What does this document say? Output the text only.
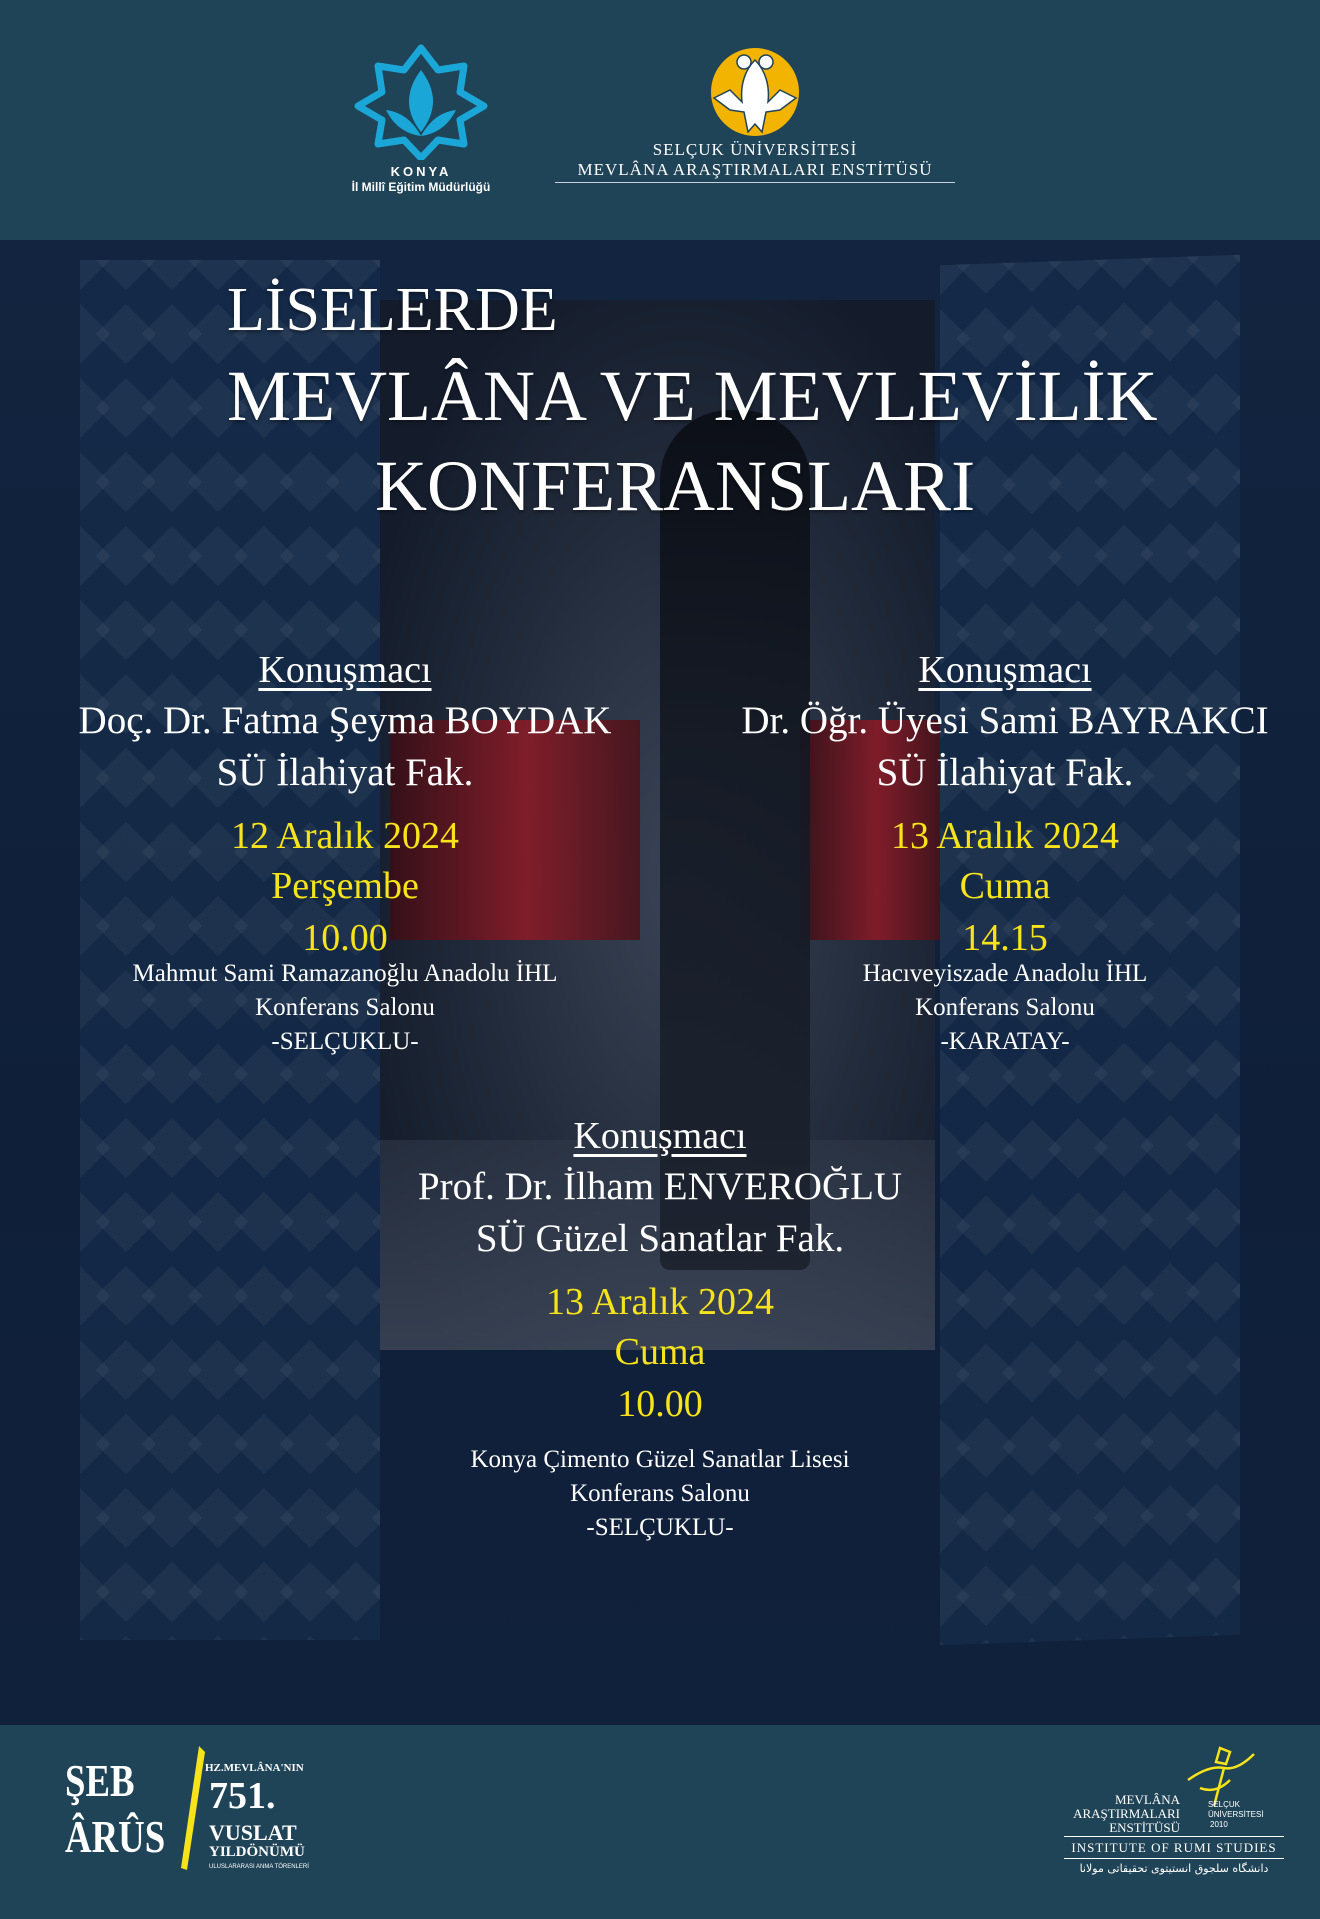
KONYA
İl Millî Eğitim Müdürlüğü
SELÇUK ÜNİVERSİTESİ
MEVLÂNA ARAŞTIRMALARI ENSTİTÜSÜ
LİSELERDE
MEVLÂNA VE MEVLEVİLİK
KONFERANSLARI
Konuşmacı
Doç. Dr. Fatma Şeyma BOYDAK
SÜ İlahiyat Fak.
12 Aralık 2024
Perşembe
10.00
Mahmut Sami Ramazanoğlu Anadolu İHL
Konferans Salonu
-SELÇUKLU-
Konuşmacı
Dr. Öğr. Üyesi Sami BAYRAKCI
SÜ İlahiyat Fak.
13 Aralık 2024
Cuma
14.15
Hacıveyiszade Anadolu İHL
Konferans Salonu
-KARATAY-
Konuşmacı
Prof. Dr. İlham ENVEROĞLU
SÜ Güzel Sanatlar Fak.
13 Aralık 2024
Cuma
10.00
Konya Çimento Güzel Sanatlar Lisesi
Konferans Salonu
-SELÇUKLU-
ŞEB
ÂRÛS
HZ.MEVLÂNA'NIN
751.
VUSLAT
YILDÖNÜMÜ
ULUSLARARASI ANMA TÖRENLERİ
MEVLÂNA
ARAŞTIRMALARI
ENSTİTÜSÜ
SELÇUK
ÜNİVERSİTESİ
2010
INSTITUTE OF RUMI STUDIES
دانشگاه سلجوق انستیتوی تحقیقاتی مولانا
